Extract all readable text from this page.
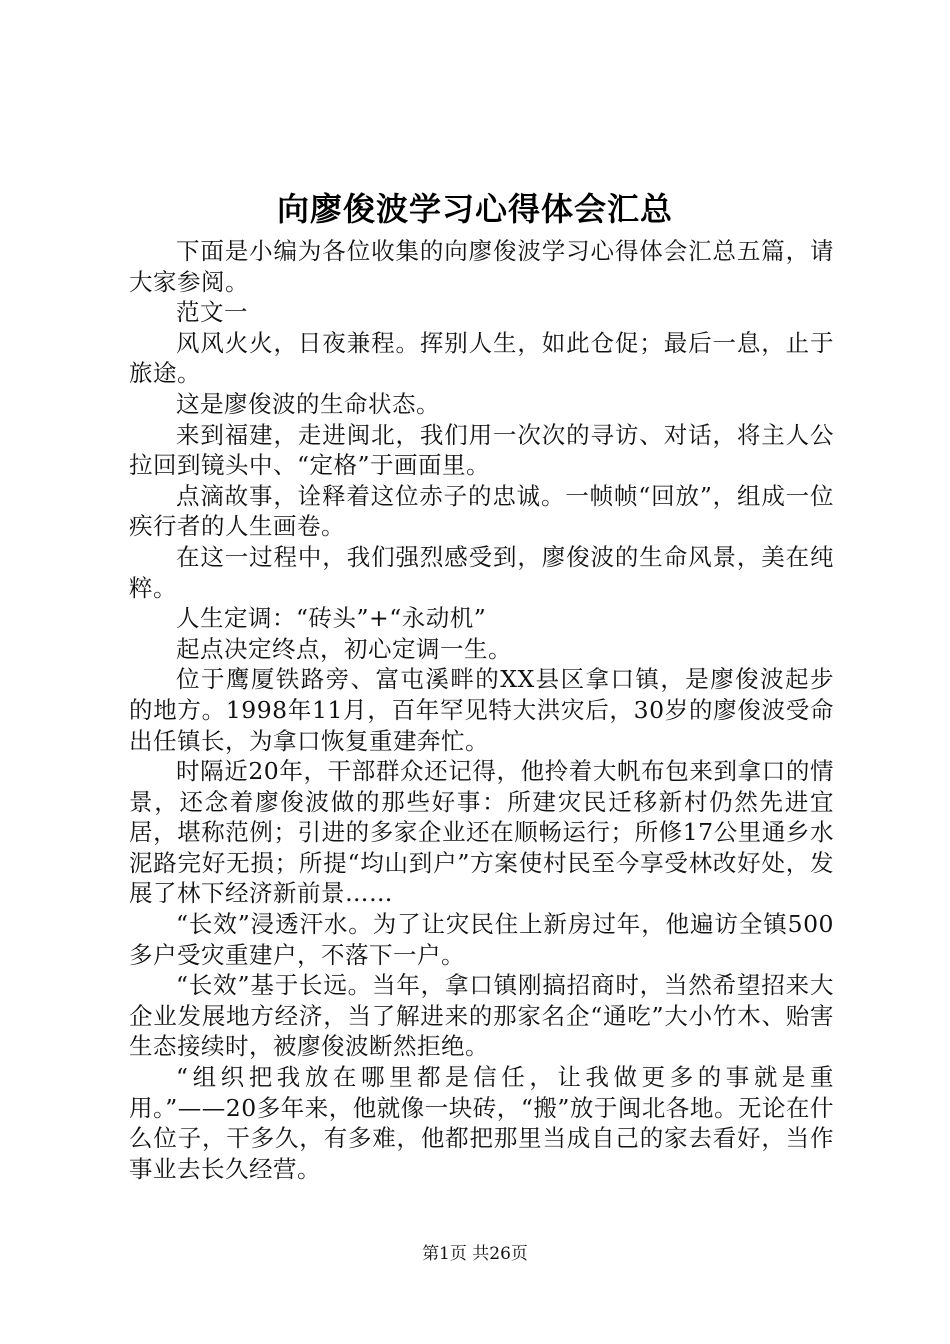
向廖俊波学习心得体会汇总

下面是小编为各位收集的向廖俊波学习心得体会汇总五篇，请大家参阅。

范文一

风风火火，日夜兼程。挥别人生，如此仓促；最后一息，止于旅途。

这是廖俊波的生命状态。

来到福建，走进闽北，我们用一次次的寻访、对话，将主人公拉回到镜头中、“定格”于画面里。

点滴故事，诠释着这位赤子的忠诚。一帧帧“回放”，组成一位疾行者的人生画卷。

在这一过程中，我们强烈感受到，廖俊波的生命风景，美在纯粹。

人生定调：“砖头”+“永动机”

起点决定终点，初心定调一生。

位于鹰厦铁路旁、富屯溪畔的XX县区拿口镇，是廖俊波起步的地方。1998年11月，百年罕见特大洪灾后，30岁的廖俊波受命出任镇长，为拿口恢复重建奔忙。

时隔近20年，干部群众还记得，他拎着大帆布包来到拿口的情景，还念着廖俊波做的那些好事：所建灾民迁移新村仍然先进宜居，堪称范例；引进的多家企业还在顺畅运行；所修17公里通乡水泥路完好无损；所提“均山到户”方案使村民至今享受林改好处，发展了林下经济新前景……

“长效”浸透汗水。为了让灾民住上新房过年，他遍访全镇500多户受灾重建户，不落下一户。

“长效”基于长远。当年，拿口镇刚搞招商时，当然希望招来大企业发展地方经济，当了解进来的那家名企“通吃”大小竹木、贻害生态接续时，被廖俊波断然拒绝。

“组织把我放在哪里都是信任，让我做更多的事就是重用。”——20多年来，他就像一块砖，“搬”放于闽北各地。无论在什么位子，干多久，有多难，他都把那里当成自己的家去看好，当作事业去长久经营。

第1页 共26页
